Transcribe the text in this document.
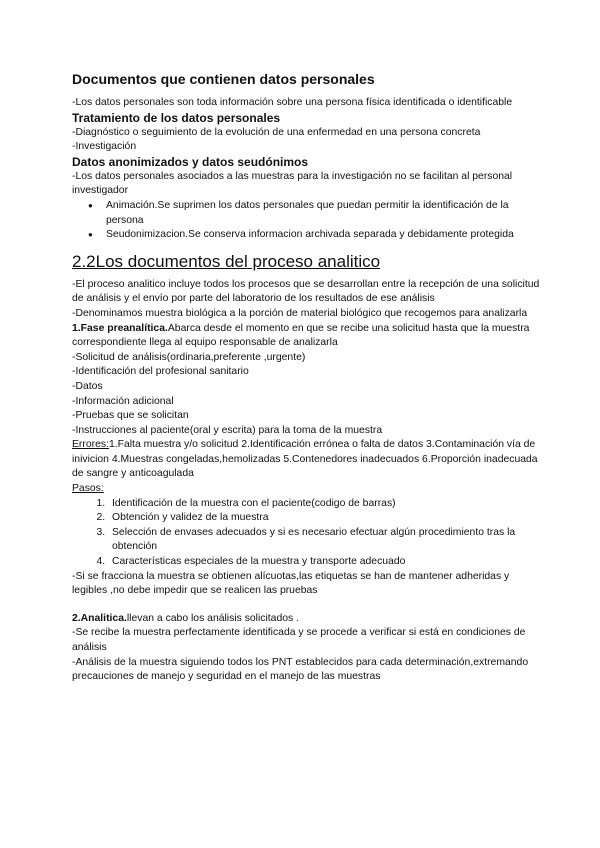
Documentos que contienen datos personales

-Los datos personales son toda información sobre una persona física identificada o identificable

Tratamiento de los datos personales

-Diagnóstico o seguimiento de la evolución de una enfermedad en una persona concreta

-Investigación

Datos anonimizados y datos seudónimos

-Los datos personales asociados a las muestras para la investigación no se facilitan al personal investigador

● Animación.Se suprimen los datos personales que puedan permitir la identificación de la persona
● Seudonimizacion.Se conserva informacion archivada separada y debidamente protegida
2.2Los documentos del proceso analitico

-El proceso analitico incluye todos los procesos que se desarrollan entre la recepción de una solicitud de análisis y el envío por parte del laboratorio de los resultados de ese análisis

-Denominamos muestra biológica a la porción de material biológico que recogemos para analizarla

1.Fase preanalítica.Abarca desde el momento en que se recibe una solicitud hasta que la muestra correspondiente llega al equipo responsable de analizarla

-Solicitud de análisis(ordinaria,preferente ,urgente)

-Identificación del profesional sanitario

-Datos

-Información adicional

-Pruebas que se solicitan

-Instrucciones al paciente(oral y escrita) para la toma de la muestra

Errores:1.Falta muestra y/o solicitud 2.Identificación errónea o falta de datos 3.Contaminación vía de inivicion 4.Muestras congeladas,hemolizadas 5.Contenedores inadecuados 6.Proporción inadecuada de sangre y anticoagulada

Pasos:

1. Identificación de la muestra con el paciente(codigo de barras)
2. Obtención y validez de la muestra
3. Selección de envases adecuados y si es necesario efectuar algún procedimiento tras la obtención
4. Características especiales de la muestra y transporte adecuado

-Si se fracciona la muestra se obtienen alícuotas,las etiquetas se han de mantener adheridas y legibles ,no debe impedir que se realicen las pruebas

2.Analitica.llevan a cabo los análisis solicitados .

-Se recibe la muestra perfectamente identificada y se procede a verificar si está en condiciones de análisis

-Análisis de la muestra siguiendo todos los PNT establecidos para cada determinación,extremando precauciones de manejo y seguridad en el manejo de las muestras
